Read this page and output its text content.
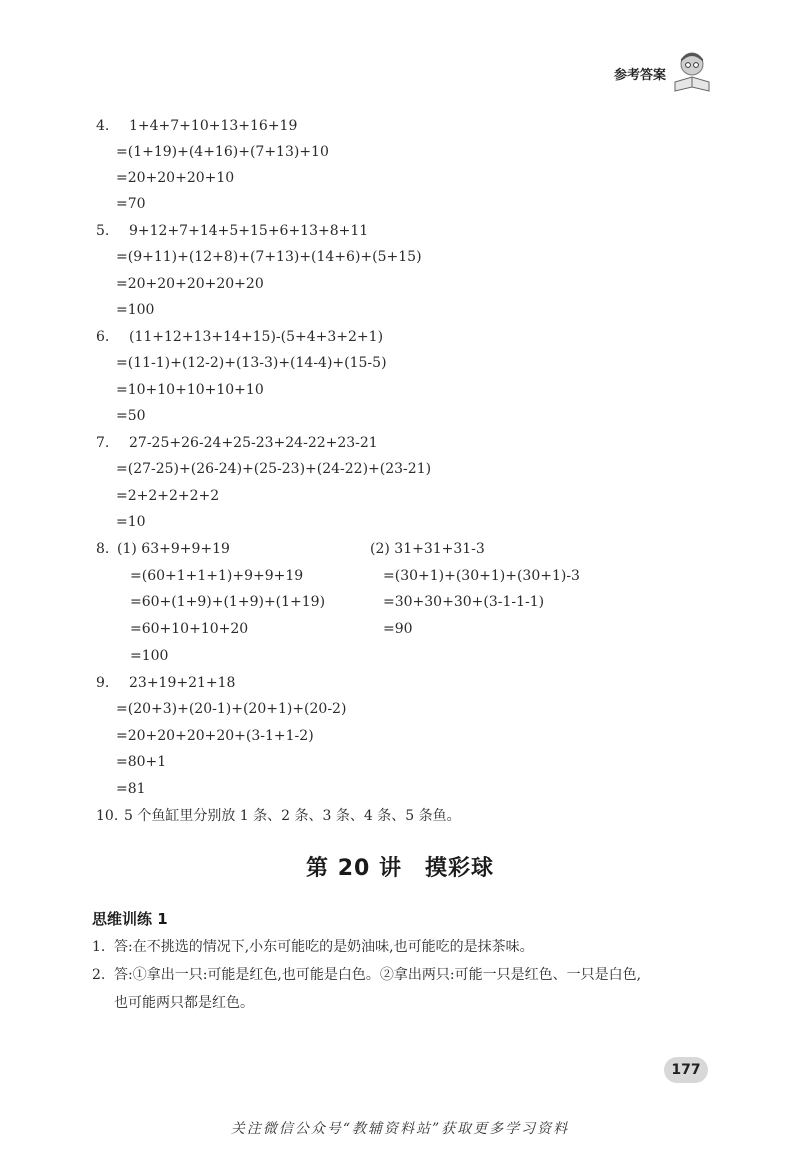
参考答案
4. 1+4+7+10+13+16+19
=(1+19)+(4+16)+(7+13)+10
=20+20+20+10
=70
5. 9+12+7+14+5+15+6+13+8+11
=(9+11)+(12+8)+(7+13)+(14+6)+(5+15)
=20+20+20+20+20
=100
6. (11+12+13+14+15)-(5+4+3+2+1)
=(11-1)+(12-2)+(13-3)+(14-4)+(15-5)
=10+10+10+10+10
=50
7. 27-25+26-24+25-23+24-22+23-21
=(27-25)+(26-24)+(25-23)+(24-22)+(23-21)
=2+2+2+2+2
=10
8. (1) 63+9+9+19
=(60+1+1+1)+9+9+19
=60+(1+9)+(1+9)+(1+19)
=60+10+10+20
=100
(2) 31+31+31-3
=(30+1)+(30+1)+(30+1)-3
=30+30+30+(3-1-1-1)
=90
9. 23+19+21+18
=(20+3)+(20-1)+(20+1)+(20-2)
=20+20+20+20+(3-1+1-2)
=80+1
=81
10. 5 个鱼缸里分别放 1 条、2 条、3 条、4 条、5 条鱼。
第 20 讲　摸彩球
思维训练 1
1. 答:在不挑选的情况下,小东可能吃的是奶油味,也可能吃的是抹茶味。
2. 答:①拿出一只:可能是红色,也可能是白色。②拿出两只:可能一只是红色、一只是白色,
也可能两只都是红色。
177
关注微信公众号“教辅资料站”获取更多学习资料
